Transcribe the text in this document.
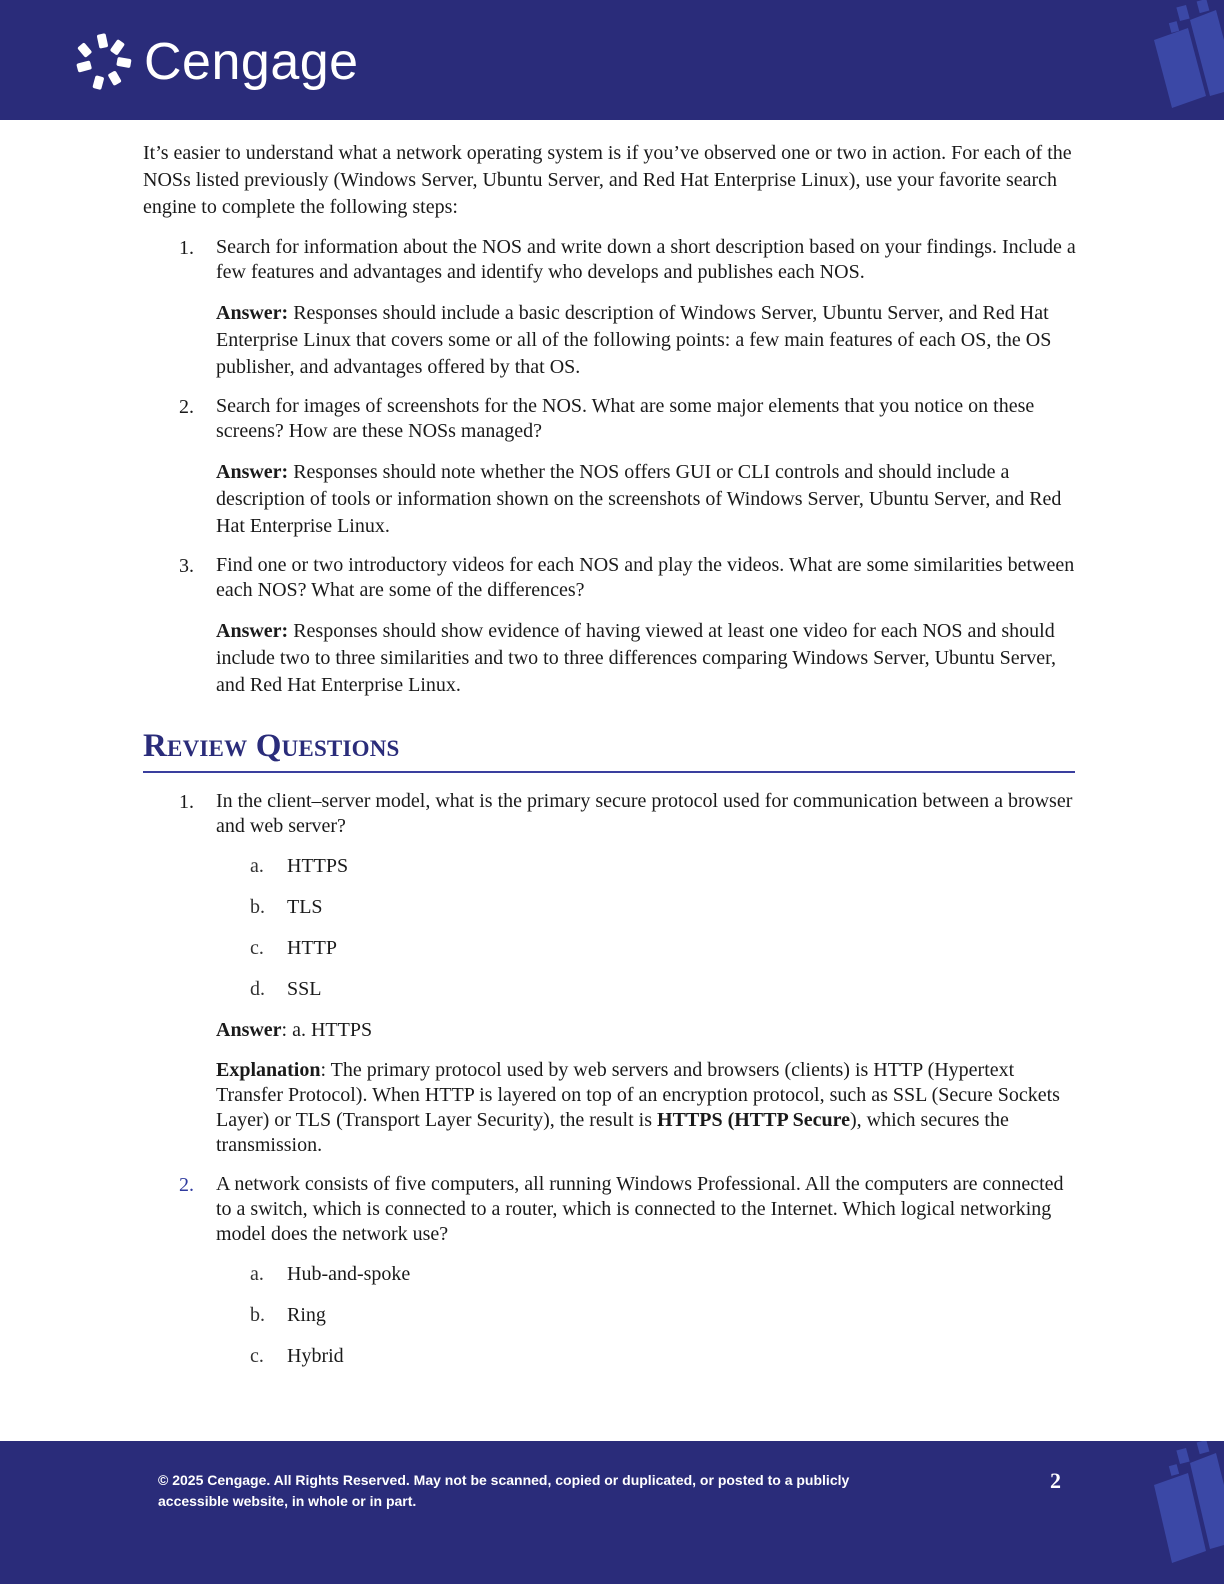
Cengage

It’s easier to understand what a network operating system is if you’ve observed one or two in action. For each of the NOSs listed previously (Windows Server, Ubuntu Server, and Red Hat Enterprise Linux), use your favorite search engine to complete the following steps:

1. Search for information about the NOS and write down a short description based on your findings. Include a few features and advantages and identify who develops and publishes each NOS.

Answer: Responses should include a basic description of Windows Server, Ubuntu Server, and Red Hat Enterprise Linux that covers some or all of the following points: a few main features of each OS, the OS publisher, and advantages offered by that OS.

2. Search for images of screenshots for the NOS. What are some major elements that you notice on these screens? How are these NOSs managed?

Answer: Responses should note whether the NOS offers GUI or CLI controls and should include a description of tools or information shown on the screenshots of Windows Server, Ubuntu Server, and Red Hat Enterprise Linux.

3. Find one or two introductory videos for each NOS and play the videos. What are some similarities between each NOS? What are some of the differences?

Answer: Responses should show evidence of having viewed at least one video for each NOS and should include two to three similarities and two to three differences comparing Windows Server, Ubuntu Server, and Red Hat Enterprise Linux.

Review Questions
1. In the client–server model, what is the primary secure protocol used for communication between a browser and web server?

a. HTTPS
b. TLS
c. HTTP
d. SSL

Answer: a. HTTPS

Explanation: The primary protocol used by web servers and browsers (clients) is HTTP (Hypertext Transfer Protocol). When HTTP is layered on top of an encryption protocol, such as SSL (Secure Sockets Layer) or TLS (Transport Layer Security), the result is HTTPS (HTTP Secure), which secures the transmission.

2. A network consists of five computers, all running Windows Professional. All the computers are connected to a switch, which is connected to a router, which is connected to the Internet. Which logical networking model does the network use?

a. Hub-and-spoke
b. Ring
c. Hybrid

© 2025 Cengage. All Rights Reserved. May not be scanned, copied or duplicated, or posted to a publicly accessible website, in whole or in part.

2
